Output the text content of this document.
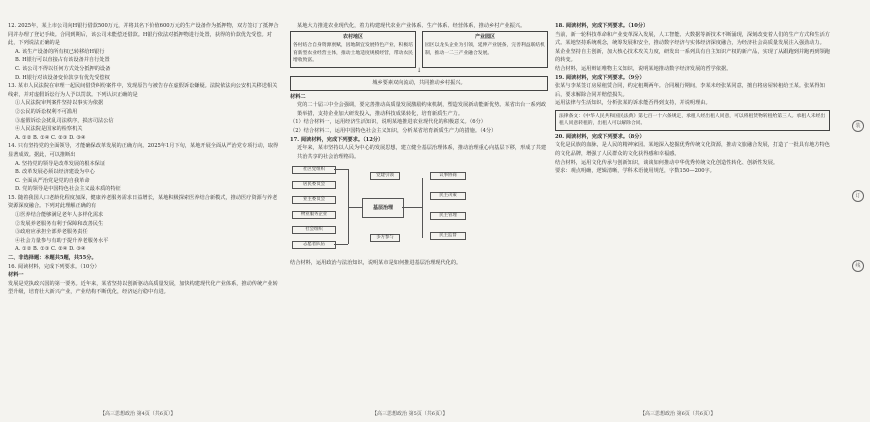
12. 2025年，某上市公司向H银行借款500万元，并将其名下价值600万元的生产设备作为抵押物，双方签订了抵押合同并办理了登记手续。合同到期后，该公司未能偿还借款。H银行依法对抵押物进行处置，获得的价款优先受偿。对此，下列说法正确的是

A. 该生产设备的所有权已转移给H银行

B. H银行可以直接占有该设备并自行处置

C. 该公司不得以任何方式处分抵押的设备

D. H银行对该设备变价款享有优先受偿权

13. 某市人民法院在审理一起民间借贷纠纷案件中，发现原告与被告存在虚假诉讼嫌疑。法院依法向公安机关移送相关线索，并对虚假诉讼行为人予以罚款。下列认识正确的是

①人民法院审判案件坚持以事实为依据

②公民的诉讼权利不可滥用

③虚假诉讼会扰乱司法秩序，损害司法公信

④人民法院是国家的检察机关

A. ①② B. ①④ C. ②③ D. ③④

14. 只有坚持党的全面领导，才能确保改革发展的正确方向。2025年1月下旬，某地开展全面从严治党专项行动，取得显著成效。据此，可以推断出

A. 坚持党的领导是改革发展的根本保证

B. 改革发展必须以经济建设为中心

C. 全面从严治党是党的自我革命

D. 党的领导是中国特色社会主义最本质的特征

15. 随着我国人口老龄化程度加深，健康养老服务需求日益增长，某地积极探索医养结合新模式，推动医疗资源与养老资源深度融合。下列对此理解正确的有

①医养结合能够满足老年人多样化需求

②发展养老服务有利于保障和改善民生

③政府应承担全部养老服务责任

④社会力量参与有助于提升养老服务水平

A. ①② B. ①③ C. ②④ D. ③④

二、非选择题：本题共5题，共55分。

16. 阅读材料，完成下列要求。（10分）

材料一

发展是党执政兴国的第一要务。近年来，某省坚持以创新驱动高质量发展，加快构建现代化产业体系，推动传统产业转型升级，培育壮大新兴产业，产业结构不断优化，经济运行稳中有进。

【高三思想政治 第4页（共6页）】

某地大力推进农业现代化，着力构建现代农业产业体系、生产体系、经营体系，推动乡村产业振兴。

农村地区
各村结合自身资源禀赋，因地制宜发展特色产业，积极培育新型农业经营主体，推动土地适度规模经营，带动农民增收致富。
产业园区
园区以龙头企业为引领，延伸产业链条，完善利益联结机制，推动一二三产业融合发展。
↓
城乡要素双向流动，共同推动乡村振兴。

材料二

党的二十届三中全会强调，要完善推动高质量发展激励约束机制，塑造发展新动能新优势。某省出台一系列政策举措，支持企业加大研发投入，推动科技成果转化，培育新质生产力。

（1）结合材料一，运用经济生活知识，说明某地推进农业现代化的积极意义。（6分）

（2）结合材料二，运用中国特色社会主义知识，分析某省培育新质生产力的措施。（4分）

17. 阅读材料，完成下列要求。（12分）

近年来，某市坚持以人民为中心的发展思想，建立健全基层治理体系，推动治理重心向基层下移，形成了共建共治共享的社会治理格局。

社区党组织
居民委员会
业主委员会
物业服务企业
社会组织
志愿者队伍
基层治理
党建引领
多方参与
议事协商
民主决策
民主管理
民主监督

结合材料，运用政治与法治知识，说明某市是如何推进基层治理现代化的。

【高三思想政治 第5页（共6页）】

18. 阅读材料，完成下列要求。（10分）

当前，新一轮科技革命和产业变革深入发展，人工智能、大数据等新技术不断涌现，深刻改变着人们的生产方式和生活方式。某地坚持系统观念，统筹发展和安全，推动数字经济与实体经济深度融合，为经济社会高质量发展注入强劲动力。

某企业坚持自主创新，加大核心技术攻关力度，研发出一系列具有自主知识产权的新产品，实现了从跟跑到并跑再到领跑的转变。

结合材料，运用辩证唯物主义知识，说明某地推动数字经济发展的哲学依据。

19. 阅读材料，完成下列要求。（9分）

张某与李某签订房屋租赁合同，约定租期两年。合同履行期间，李某未经张某同意，擅自将房屋转租给王某。张某得知后，要求解除合同并赔偿损失。

运用法律与生活知识，分析张某的诉求能否得到支持，并说明理由。

法律条文：《中华人民共和国民法典》第七百一十六条规定，承租人经出租人同意，可以将租赁物转租给第三人。承租人未经出租人同意转租的，出租人可以解除合同。

20. 阅读材料，完成下列要求。（8分）

文化是民族的血脉，是人民的精神家园。某地深入挖掘优秀传统文化资源，推动文旅融合发展，打造了一批具有地方特色的文化品牌，增强了人民群众的文化获得感和幸福感。

结合材料，运用文化传承与创新知识，谈谈如何推动中华优秀传统文化创造性转化、创新性发展。

要求：观点明确，逻辑清晰，学科术语使用规范，字数150—200字。

【高三思想政治 第6页（共6页）】
装
订
线
